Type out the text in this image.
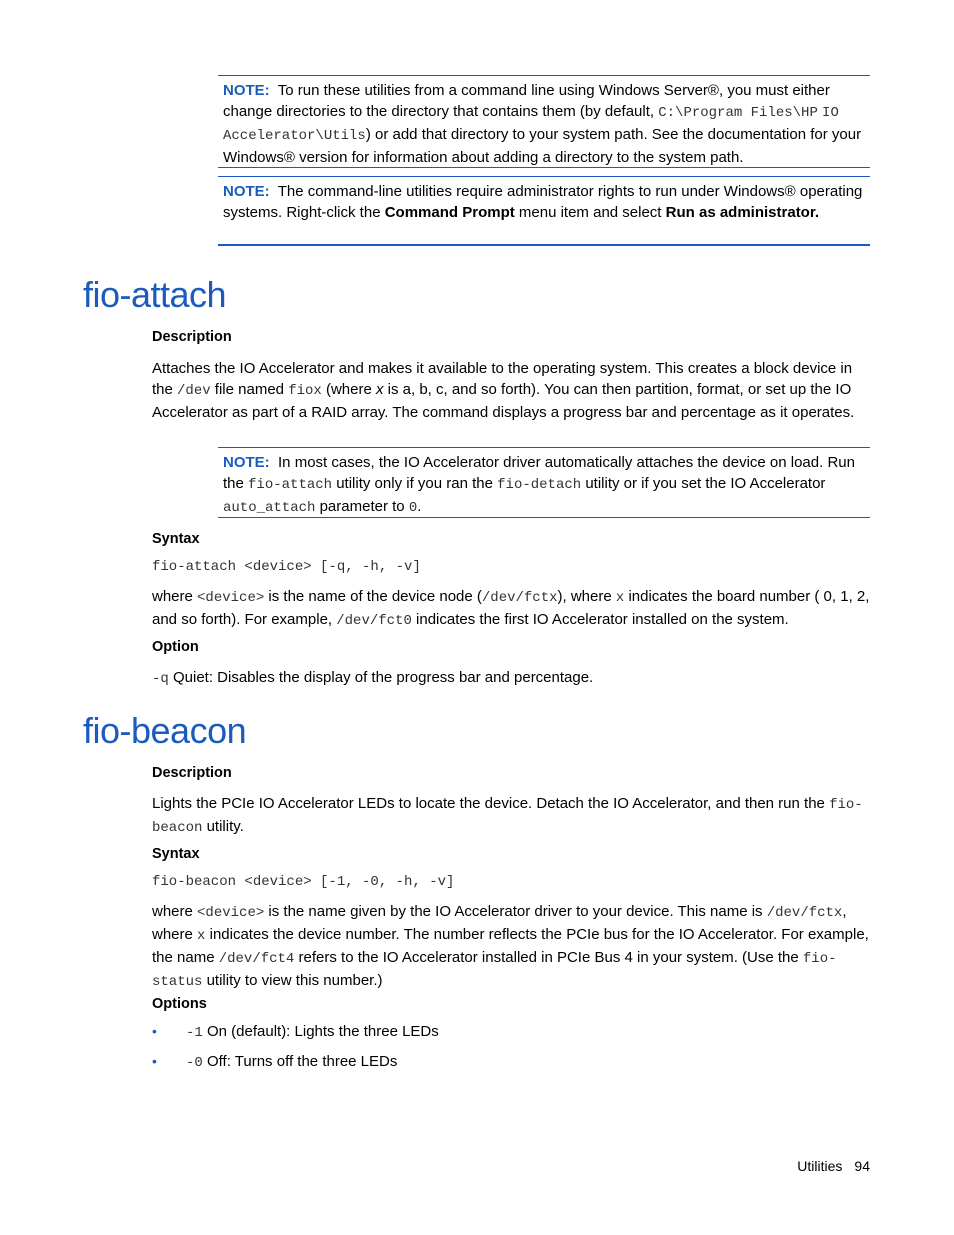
NOTE: To run these utilities from a command line using Windows Server®, you must either change directories to the directory that contains them (by default, C:\Program Files\HP IO Accelerator\Utils) or add that directory to your system path. See the documentation for your Windows® version for information about adding a directory to the system path.
NOTE: The command-line utilities require administrator rights to run under Windows® operating systems. Right-click the Command Prompt menu item and select Run as administrator.
fio-attach
Description
Attaches the IO Accelerator and makes it available to the operating system. This creates a block device in the /dev file named fiox (where x is a, b, c, and so forth). You can then partition, format, or set up the IO Accelerator as part of a RAID array. The command displays a progress bar and percentage as it operates.
NOTE: In most cases, the IO Accelerator driver automatically attaches the device on load. Run the fio-attach utility only if you ran the fio-detach utility or if you set the IO Accelerator auto_attach parameter to 0.
Syntax
fio-attach <device> [-q, -h, -v]
where <device> is the name of the device node (/dev/fctx), where x indicates the board number ( 0, 1, 2, and so forth). For example, /dev/fct0 indicates the first IO Accelerator installed on the system.
Option
-q Quiet: Disables the display of the progress bar and percentage.
fio-beacon
Description
Lights the PCIe IO Accelerator LEDs to locate the device. Detach the IO Accelerator, and then run the fio-beacon utility.
Syntax
fio-beacon <device> [-1, -0, -h, -v]
where <device> is the name given by the IO Accelerator driver to your device. This name is /dev/fctx, where x indicates the device number. The number reflects the PCIe bus for the IO Accelerator. For example, the name /dev/fct4 refers to the IO Accelerator installed in PCIe Bus 4 in your system. (Use the fio-status utility to view this number.)
Options
• -1 On (default): Lights the three LEDs
• -0 Off: Turns off the three LEDs
Utilities 94
